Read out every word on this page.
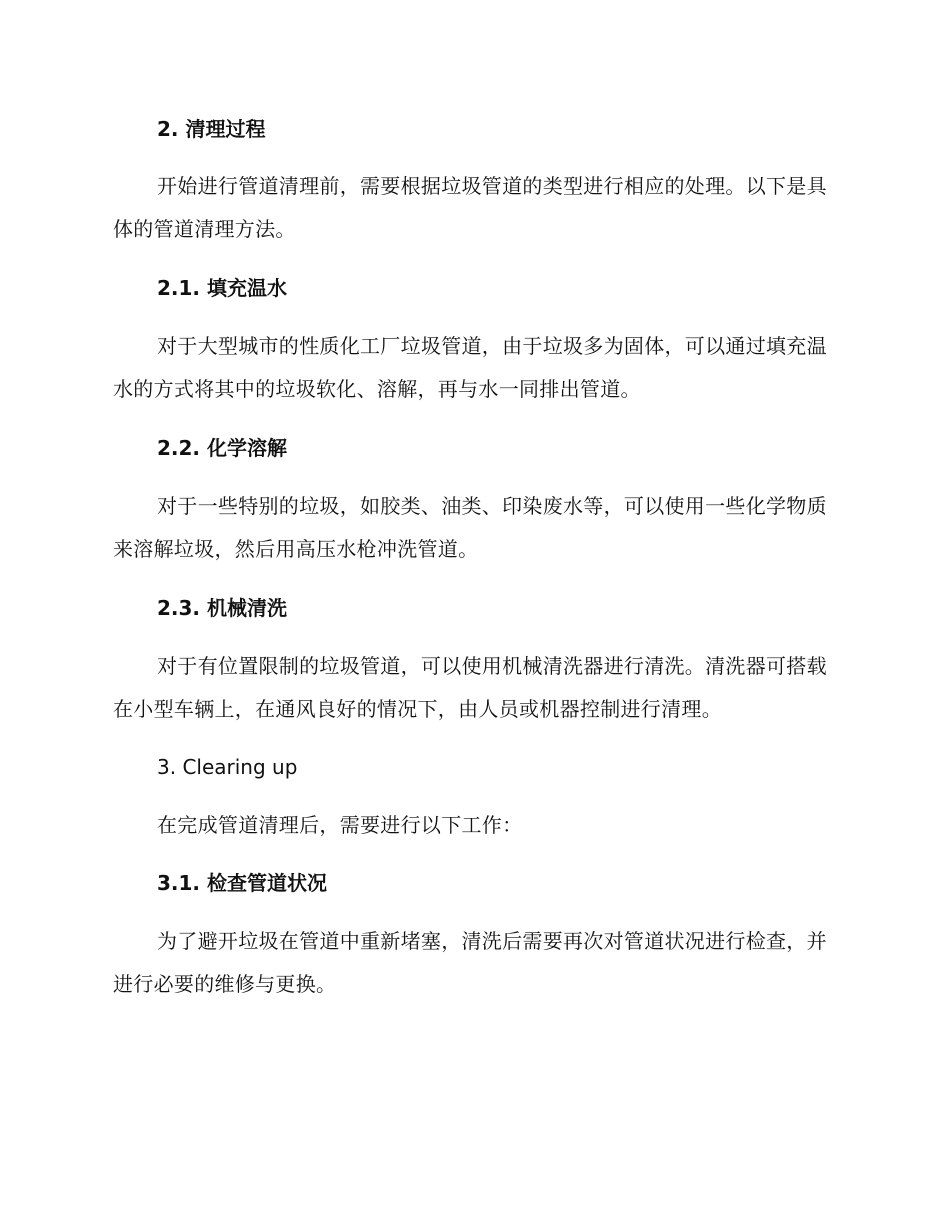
2. 清理过程
开始进行管道清理前，需要根据垃圾管道的类型进行相应的处理。以下是具体的管道清理方法。
2.1. 填充温水
对于大型城市的性质化工厂垃圾管道，由于垃圾多为固体，可以通过填充温水的方式将其中的垃圾软化、溶解，再与水一同排出管道。
2.2. 化学溶解
对于一些特别的垃圾，如胶类、油类、印染废水等，可以使用一些化学物质来溶解垃圾，然后用高压水枪冲洗管道。
2.3. 机械清洗
对于有位置限制的垃圾管道，可以使用机械清洗器进行清洗。清洗器可搭载在小型车辆上，在通风良好的情况下，由人员或机器控制进行清理。
3. Clearing up
在完成管道清理后，需要进行以下工作：
3.1. 检查管道状况
为了避开垃圾在管道中重新堵塞，清洗后需要再次对管道状况进行检查，并进行必要的维修与更换。
